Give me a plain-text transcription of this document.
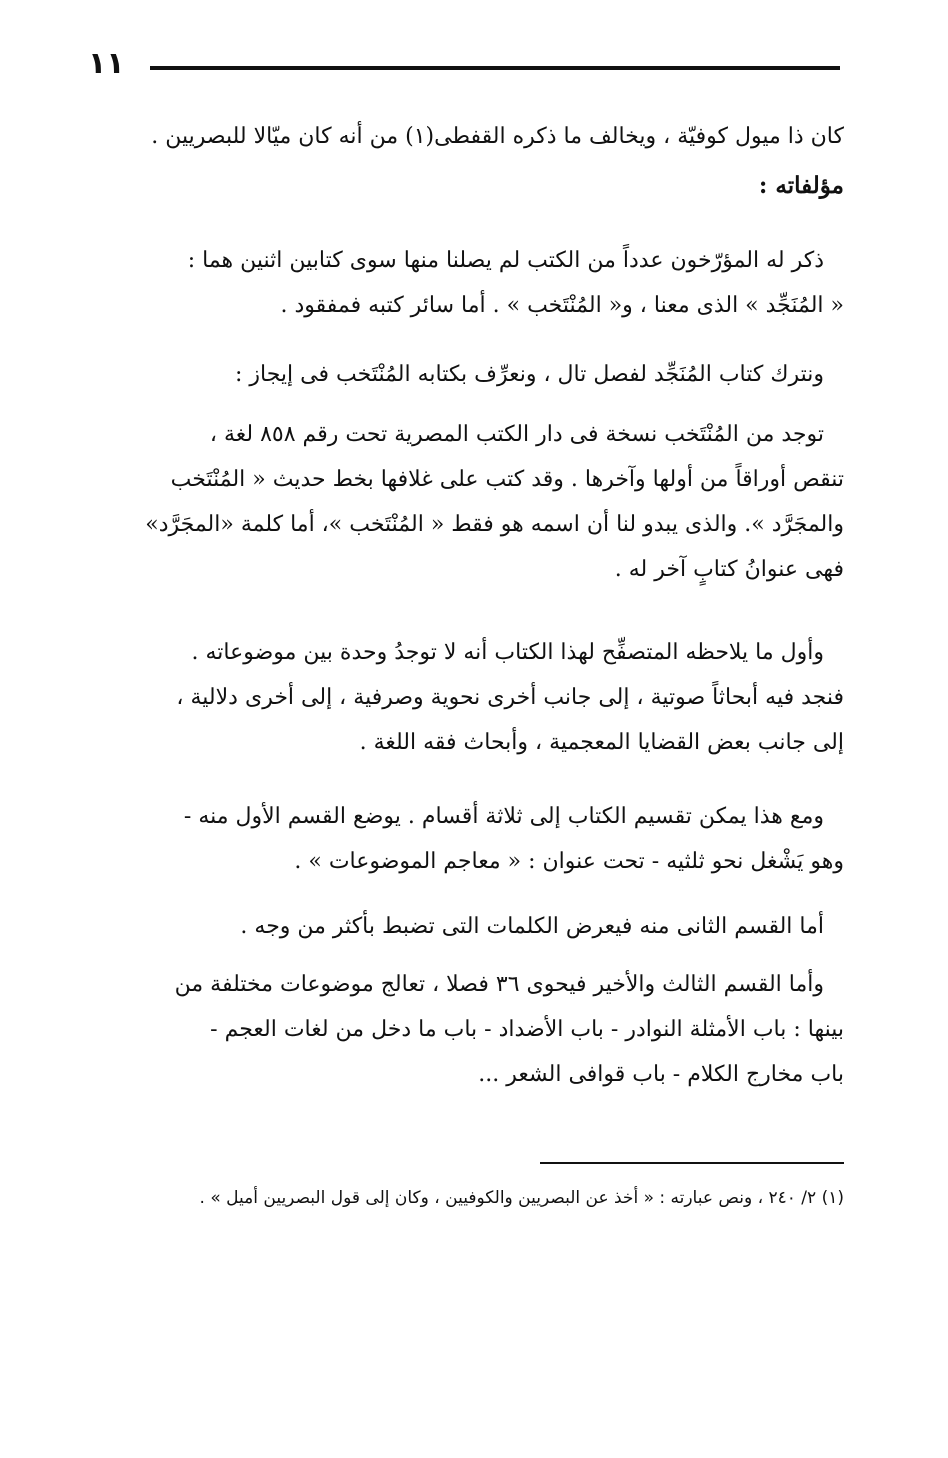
١١
كان ذا ميول كوفيّة ، ويخالف ما ذكره القفطى(١) من أنه كان ميّالا للبصريين .
مؤلفاته :
ذكر له المؤرّخون عدداً من الكتب لم يصلنا منها سوى كتابين اثنين هما :
« المُنَجِّد » الذى معنا ، و« المُنْتَخب » . أما سائر كتبه فمفقود .
ونترك كتاب المُنَجِّد لفصل تال ، ونعرِّف بكتابه المُنْتَخب فى إيجاز :
توجد من المُنْتَخب نسخة فى دار الكتب المصرية تحت رقم ٨٥٨ لغة ،
تنقص أوراقاً من أولها وآخرها . وقد كتب على غلافها بخط حديث « المُنْتَخب
والمجَرَّد ». والذى يبدو لنا أن اسمه هو فقط « المُنْتَخب »، أما كلمة «المجَرَّد»
فهى عنوانُ كتابٍ آخر له .
وأول ما يلاحظه المتصفِّح لهذا الكتاب أنه لا توجدُ وحدة بين موضوعاته .
فنجد فيه أبحاثاً صوتية ، إلى جانب أخرى نحوية وصرفية ، إلى أخرى دلالية ،
إلى جانب بعض القضايا المعجمية ، وأبحاث فقه اللغة .
ومع هذا يمكن تقسيم الكتاب إلى ثلاثة أقسام . يوضع القسم الأول منه -
وهو يَشْغل نحو ثلثيه - تحت عنوان : « معاجم الموضوعات » .
أما القسم الثانى منه فيعرض الكلمات التى تضبط بأكثر من وجه .
وأما القسم الثالث والأخير فيحوى ٣٦ فصلا ، تعالج موضوعات مختلفة من
بينها : باب الأمثلة النوادر - باب الأضداد - باب ما دخل من لغات العجم -
باب مخارج الكلام - باب قوافى الشعر ...
(١) ٢/ ٢٤٠ ، ونص عبارته : « أخذ عن البصريين والكوفيين ، وكان إلى قول البصريين أميل » .
